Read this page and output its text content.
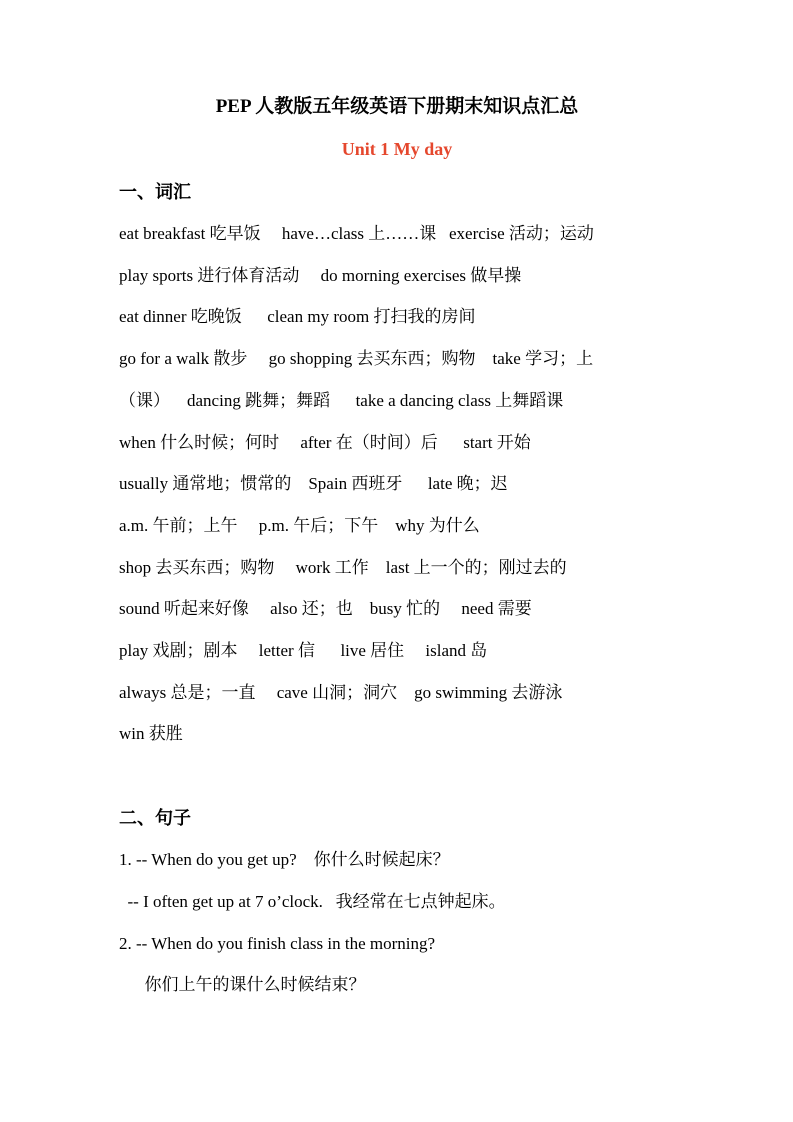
PEP 人教版五年级英语下册期末知识点汇总
Unit 1 My day
一、词汇

eat breakfast 吃早饭     have…class 上……课   exercise 活动；运动

play sports 进行体育活动     do morning exercises 做早操

eat dinner 吃晚饭      clean my room 打扫我的房间

go for a walk 散步     go shopping 去买东西；购物    take 学习；上

（课）    dancing 跳舞；舞蹈      take a dancing class 上舞蹈课

when 什么时候；何时     after 在（时间）后      start 开始

usually 通常地；惯常的    Spain 西班牙      late 晚；迟

a.m. 午前；上午     p.m. 午后；下午    why 为什么

shop 去买东西；购物     work 工作    last 上一个的；刚过去的

sound 听起来好像     also 还；也    busy 忙的     need 需要

play 戏剧；剧本     letter 信      live 居住     island 岛

always 总是；一直     cave 山洞；洞穴    go swimming 去游泳

win 获胜

二、句子

1. -- When do you get up?    你什么时候起床？

-- I often get up at 7 o’clock.   我经常在七点钟起床。

2. -- When do you finish class in the morning?

你们上午的课什么时候结束？
